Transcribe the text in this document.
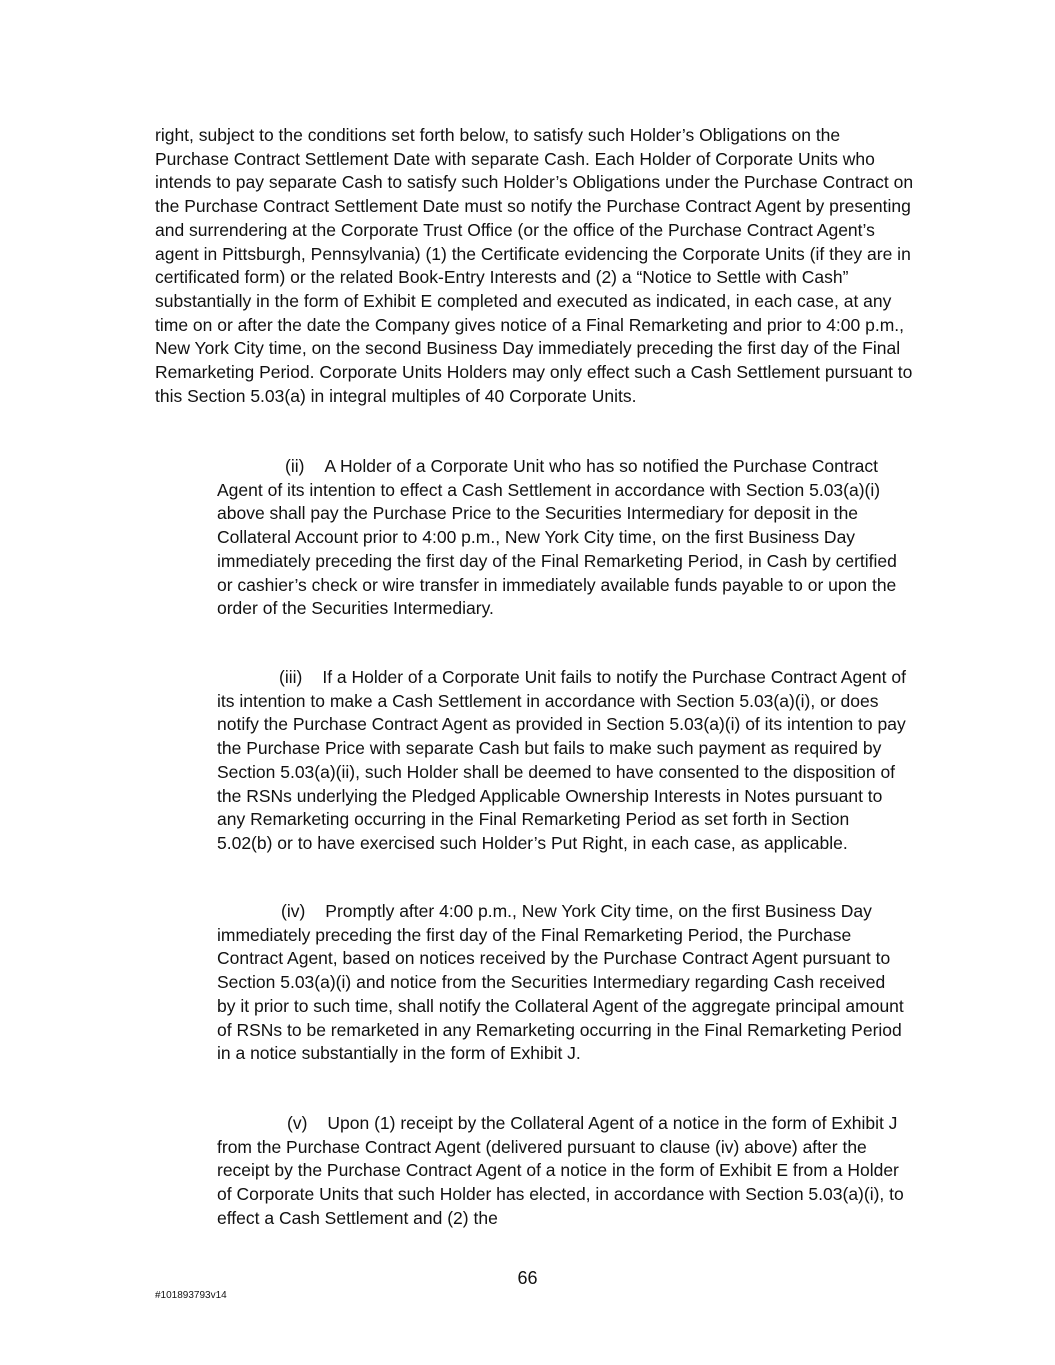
right, subject to the conditions set forth below, to satisfy such Holder’s Obligations on the Purchase Contract Settlement Date with separate Cash. Each Holder of Corporate Units who intends to pay separate Cash to satisfy such Holder’s Obligations under the Purchase Contract on the Purchase Contract Settlement Date must so notify the Purchase Contract Agent by presenting and surrendering at the Corporate Trust Office (or the office of the Purchase Contract Agent’s agent in Pittsburgh, Pennsylvania) (1) the Certificate evidencing the Corporate Units (if they are in certificated form) or the related Book-Entry Interests and (2) a “Notice to Settle with Cash” substantially in the form of Exhibit E completed and executed as indicated, in each case, at any time on or after the date the Company gives notice of a Final Remarketing and prior to 4:00 p.m., New York City time, on the second Business Day immediately preceding the first day of the Final Remarketing Period. Corporate Units Holders may only effect such a Cash Settlement pursuant to this Section 5.03(a) in integral multiples of 40 Corporate Units.

(ii) A Holder of a Corporate Unit who has so notified the Purchase Contract Agent of its intention to effect a Cash Settlement in accordance with Section 5.03(a)(i) above shall pay the Purchase Price to the Securities Intermediary for deposit in the Collateral Account prior to 4:00 p.m., New York City time, on the first Business Day immediately preceding the first day of the Final Remarketing Period, in Cash by certified or cashier’s check or wire transfer in immediately available funds payable to or upon the order of the Securities Intermediary.

(iii) If a Holder of a Corporate Unit fails to notify the Purchase Contract Agent of its intention to make a Cash Settlement in accordance with Section 5.03(a)(i), or does notify the Purchase Contract Agent as provided in Section 5.03(a)(i) of its intention to pay the Purchase Price with separate Cash but fails to make such payment as required by Section 5.03(a)(ii), such Holder shall be deemed to have consented to the disposition of the RSNs underlying the Pledged Applicable Ownership Interests in Notes pursuant to any Remarketing occurring in the Final Remarketing Period as set forth in Section 5.02(b) or to have exercised such Holder’s Put Right, in each case, as applicable.

(iv) Promptly after 4:00 p.m., New York City time, on the first Business Day immediately preceding the first day of the Final Remarketing Period, the Purchase Contract Agent, based on notices received by the Purchase Contract Agent pursuant to Section 5.03(a)(i) and notice from the Securities Intermediary regarding Cash received by it prior to such time, shall notify the Collateral Agent of the aggregate principal amount of RSNs to be remarketed in any Remarketing occurring in the Final Remarketing Period in a notice substantially in the form of Exhibit J.

(v) Upon (1) receipt by the Collateral Agent of a notice in the form of Exhibit J from the Purchase Contract Agent (delivered pursuant to clause (iv) above) after the receipt by the Purchase Contract Agent of a notice in the form of Exhibit E from a Holder of Corporate Units that such Holder has elected, in accordance with Section 5.03(a)(i), to effect a Cash Settlement and (2) the

66
#101893793v14
